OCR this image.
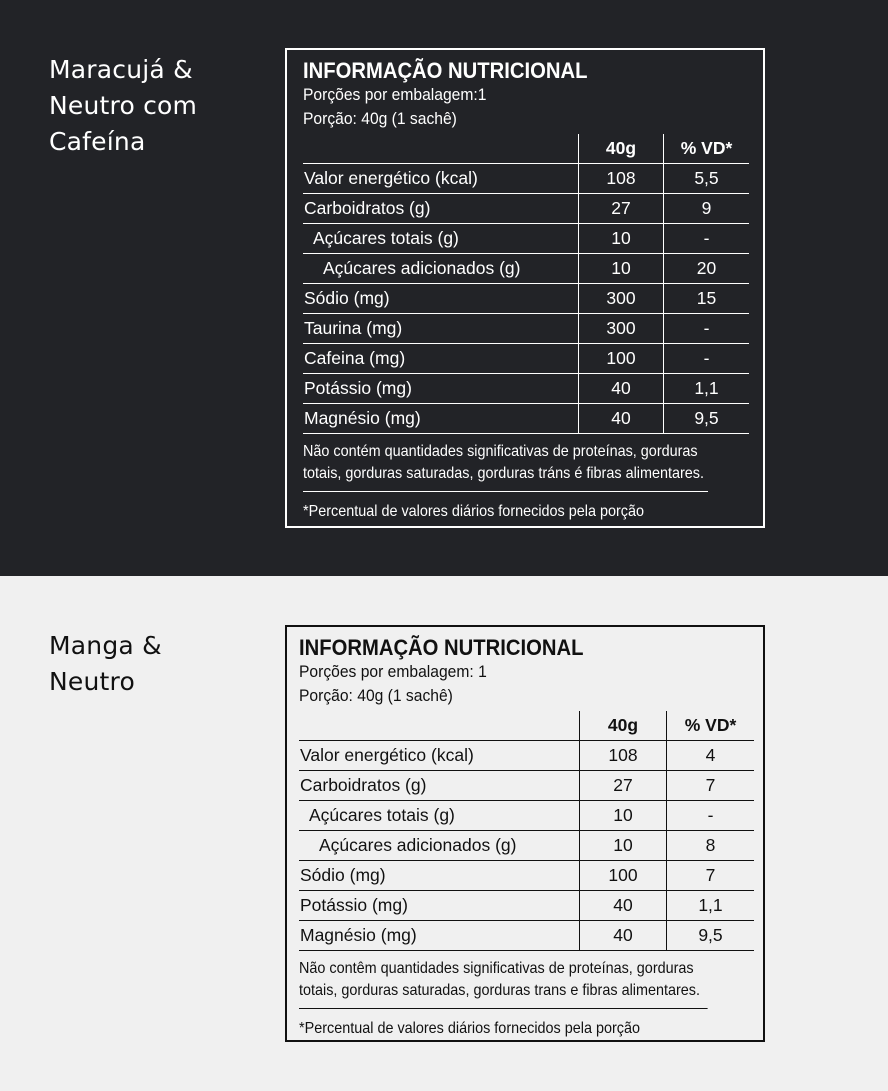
Maracujá &
Neutro com
Cafeína
INFORMAÇÃO NUTRICIONAL
Porções por embalagem:1
Porção: 40g (1 sachê)
	40g	% VD*
Valor energético (kcal)	108	5,5
Carboidratos (g)	27	9
Açúcares totais (g)	10	-
Açúcares adicionados (g)	10	20
Sódio (mg)	300	15
Taurina (mg)	300	-
Cafeina (mg)	100	-
Potássio (mg)	40	1,1
Magnésio (mg)	40	9,5
Não contém quantidades significativas de proteínas, gorduras
totais, gorduras saturadas, gorduras tráns é fibras alimentares.
*Percentual de valores diários fornecidos pela porção
Manga &
Neutro
INFORMAÇÃO NUTRICIONAL
Porções por embalagem: 1
Porção: 40g (1 sachê)
	40g	% VD*
Valor energético (kcal)	108	4
Carboidratos (g)	27	7
Açúcares totais (g)	10	-
Açúcares adicionados (g)	10	8
Sódio (mg)	100	7
Potássio (mg)	40	1,1
Magnésio (mg)	40	9,5
Não contêm quantidades significativas de proteínas, gorduras
totais, gorduras saturadas, gorduras trans e fibras alimentares.
*Percentual de valores diários fornecidos pela porção
